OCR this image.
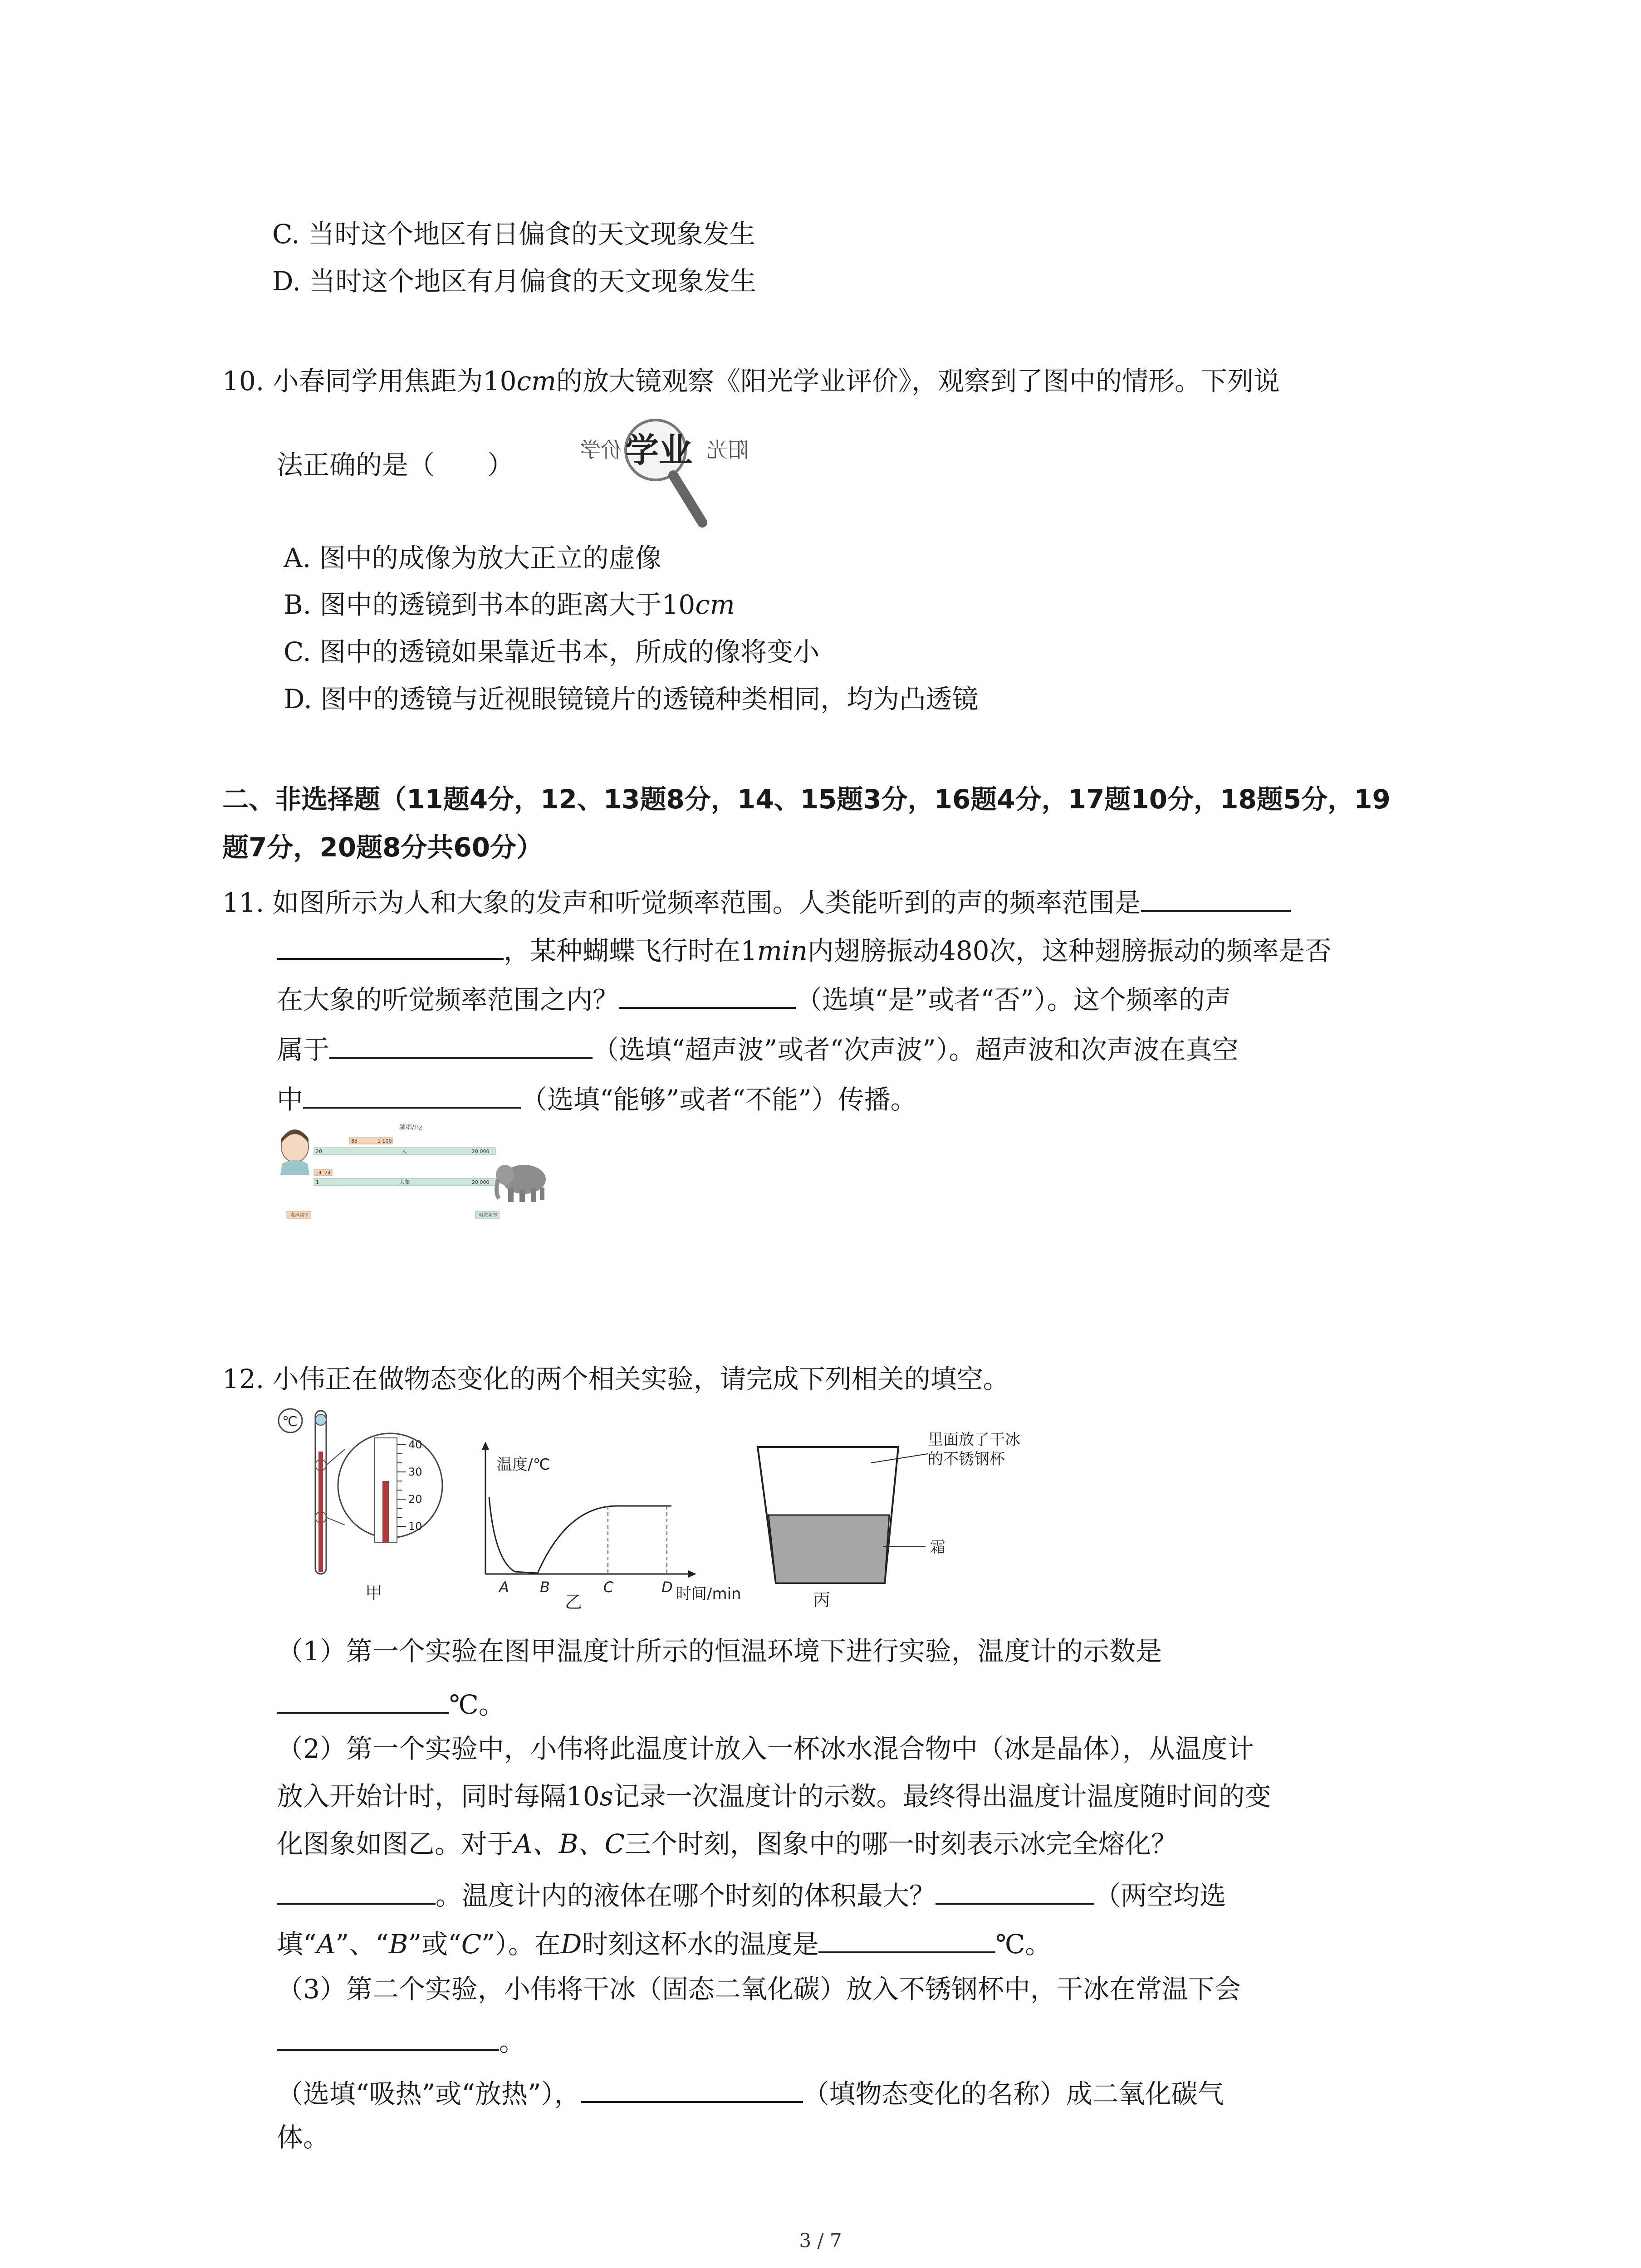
C. 当时这个地区有日偏食的天文现象发生
D. 当时这个地区有月偏食的天文现象发生
10. 小春同学用焦距为10cm的放大镜观察《阳光学业评价》，观察到了图中的情形。下列说
法正确的是（　　）	价学	阳光
学业
A. 图中的成像为放大正立的虚像
B. 图中的透镜到书本的距离大于10cm
C. 图中的透镜如果靠近书本，所成的像将变小
D. 图中的透镜与近视眼镜镜片的透镜种类相同，均为凸透镜
二、非选择题（11题4分，12、13题8分，14、15题3分，16题4分，17题10分，18题5分，19
题7分，20题8分共60分）
11. 如图所示为人和大象的发声和听觉频率范围。人类能听到的声的频率范围是
，某种蝴蝶飞行时在1min内翅膀振动480次，这种翅膀振动的频率是否
在大象的听觉频率范围之内？	（选填“是”或者“否”）。这个频率的声
属于	（选填“超声波”或者“次声波”）。超声波和次声波在真空
中	（选填“能够”或者“不能”）传播。
频率/Hz
85	1 100
20	人	20 000
14 24
1	大象	20 000
发声频率	听觉频率
12. 小伟正在做物态变化的两个相关实验，请完成下列相关的填空。
℃
40
30
20
10
甲
温度/℃
时间/min
A B	C	D
乙
里面放了干冰
的不锈钢杯
霜
丙
（1）第一个实验在图甲温度计所示的恒温环境下进行实验，温度计的示数是
℃。
（2）第一个实验中，小伟将此温度计放入一杯冰水混合物中（冰是晶体），从温度计
放入开始计时，同时每隔10s记录一次温度计的示数。最终得出温度计温度随时间的变
化图象如图乙。对于A、B、C三个时刻，图象中的哪一时刻表示冰完全熔化？
。温度计内的液体在哪个时刻的体积最大？	（两空均选
填“A”、“B”或“C”）。在D时刻这杯水的温度是	℃。
（3）第二个实验，小伟将干冰（固态二氧化碳）放入不锈钢杯中，干冰在常温下会
。
（选填“吸热”或“放热”），	（填物态变化的名称）成二氧化碳气
体。
3 / 7
